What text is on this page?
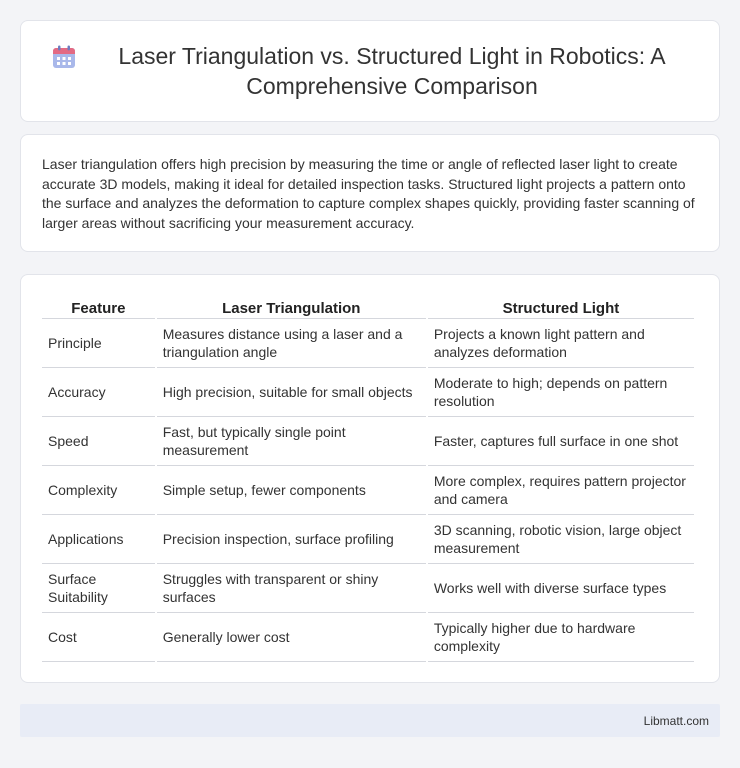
Laser Triangulation vs. Structured Light in Robotics: A Comprehensive Comparison

Laser triangulation offers high precision by measuring the time or angle of reflected laser light to create accurate 3D models, making it ideal for detailed inspection tasks. Structured light projects a pattern onto the surface and analyzes the deformation to capture complex shapes quickly, providing faster scanning of larger areas without sacrificing your measurement accuracy.

Feature	Laser Triangulation	Structured Light
Principle	Measures distance using a laser and a triangulation angle	Projects a known light pattern and analyzes deformation
Accuracy	High precision, suitable for small objects	Moderate to high; depends on pattern resolution
Speed	Fast, but typically single point measurement	Faster, captures full surface in one shot
Complexity	Simple setup, fewer components	More complex, requires pattern projector and camera
Applications	Precision inspection, surface profiling	3D scanning, robotic vision, large object measurement
Surface Suitability	Struggles with transparent or shiny surfaces	Works well with diverse surface types
Cost	Generally lower cost	Typically higher due to hardware complexity
Libmatt.com
